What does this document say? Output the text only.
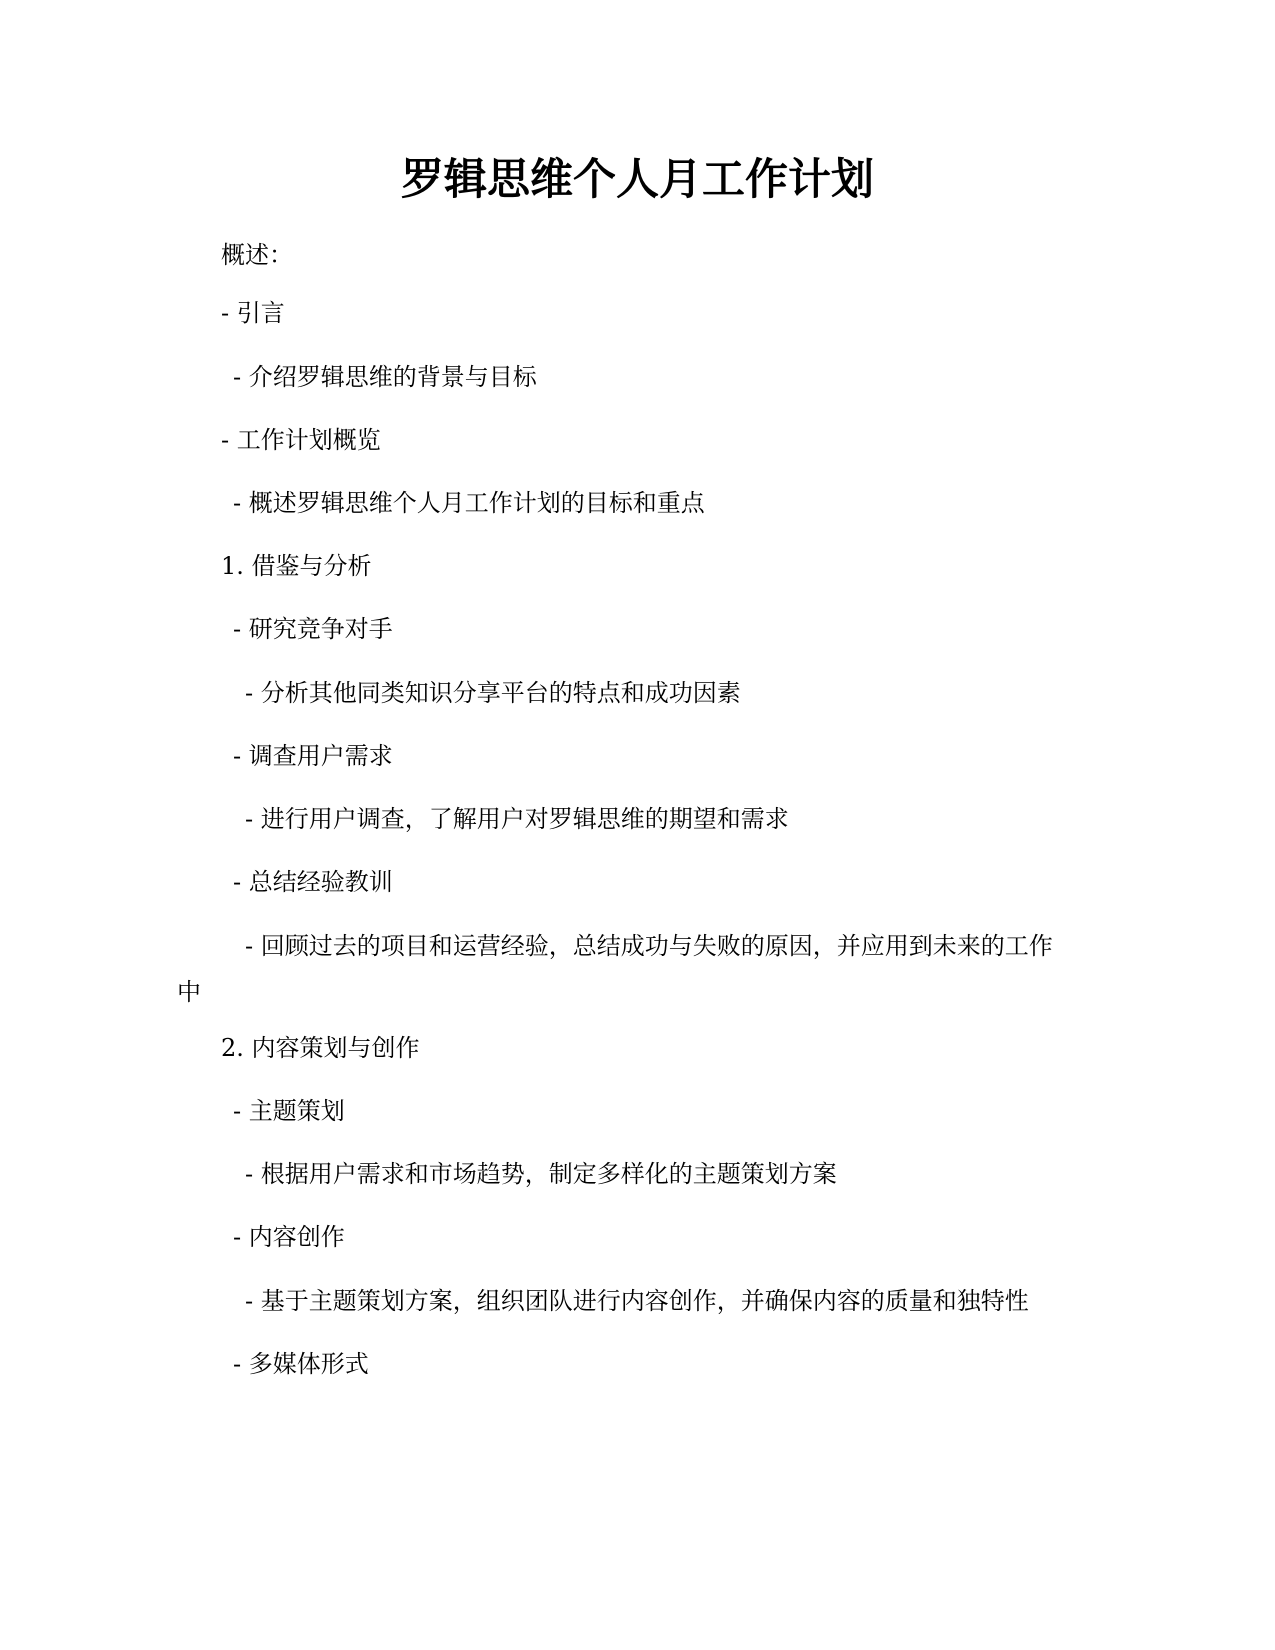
罗辑思维个人月工作计划

概述：

- 引言

- 介绍罗辑思维的背景与目标

- 工作计划概览

- 概述罗辑思维个人月工作计划的目标和重点

1. 借鉴与分析

- 研究竞争对手

- 分析其他同类知识分享平台的特点和成功因素

- 调查用户需求

- 进行用户调查，了解用户对罗辑思维的期望和需求

- 总结经验教训

- 回顾过去的项目和运营经验，总结成功与失败的原因，并应用到未来的工作中

2. 内容策划与创作

- 主题策划

- 根据用户需求和市场趋势，制定多样化的主题策划方案

- 内容创作

- 基于主题策划方案，组织团队进行内容创作，并确保内容的质量和独特性

- 多媒体形式
